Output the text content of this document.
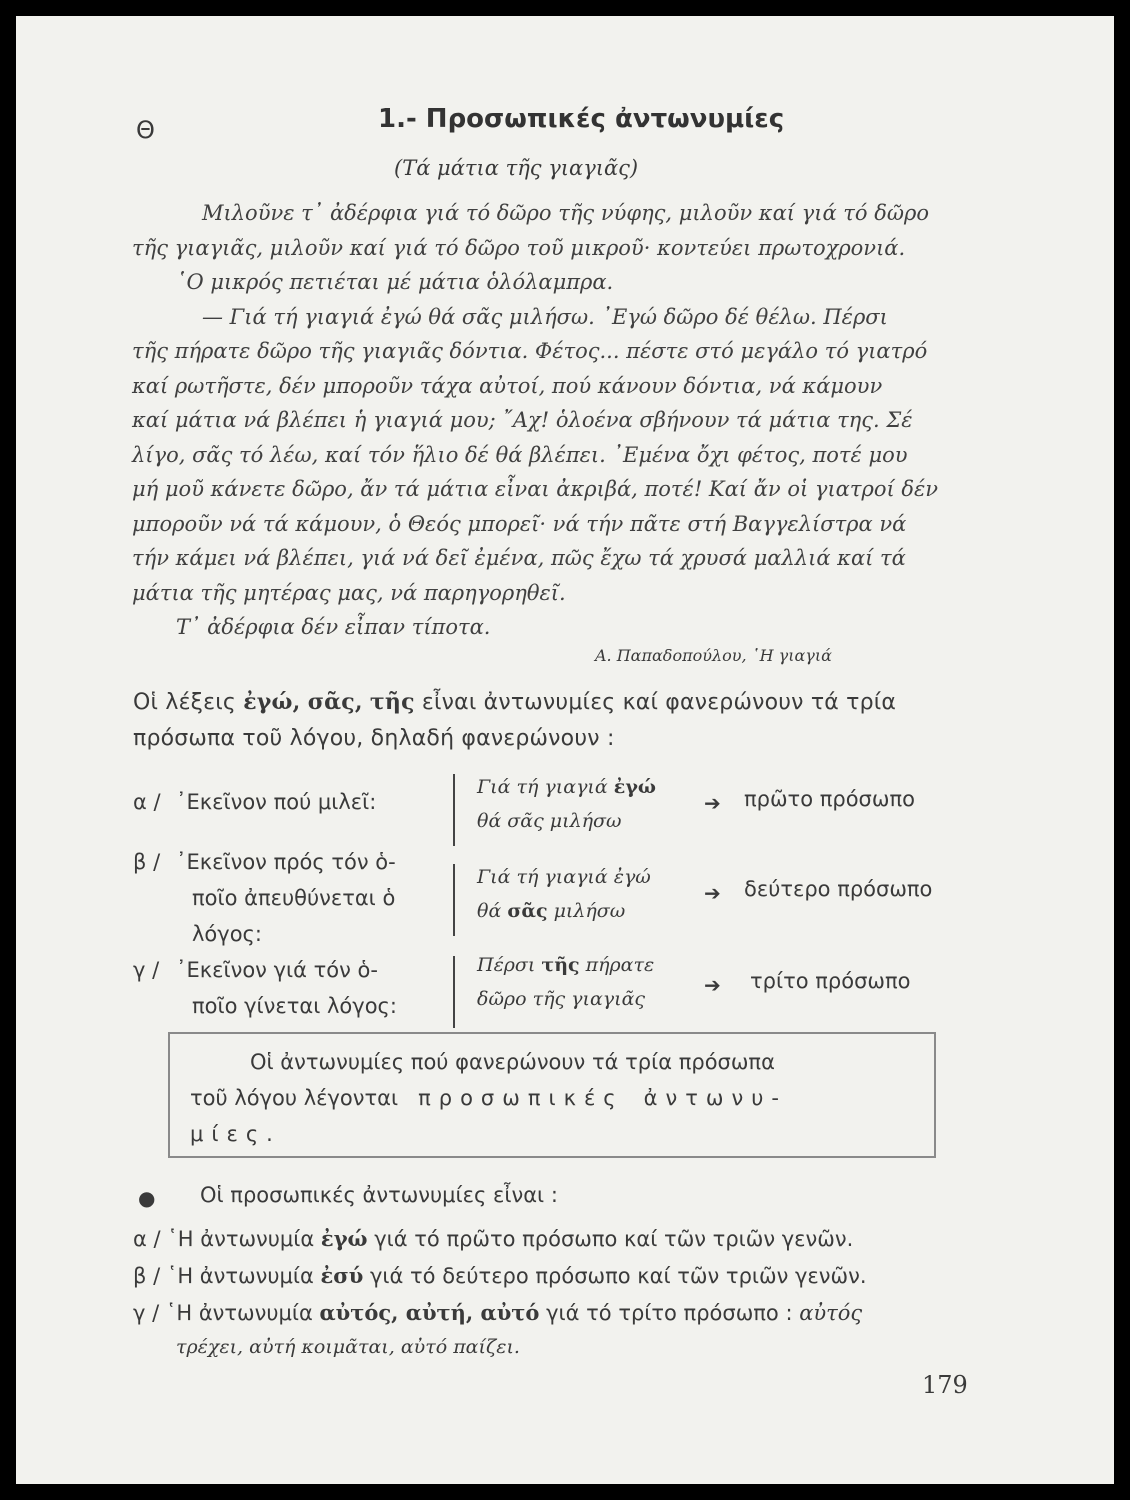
Θ	1.- Προσωπικές ἀντωνυμίες
(Τά μάτια τῆς γιαγιᾶς)

Μιλοῦνε τ᾽ ἀδέρφια γιά τό δῶρο τῆς νύφης, μιλοῦν καί γιά τό δῶρο

τῆς γιαγιᾶς, μιλοῦν καί γιά τό δῶρο τοῦ μικροῦ· κοντεύει πρωτοχρονιά.

῾Ο μικρός πετιέται μέ μάτια ὁλόλαμπρα.

— Γιά τή γιαγιά ἐγώ θά σᾶς μιλήσω. ᾿Εγώ δῶρο δέ θέλω. Πέρσι

τῆς πήρατε δῶρο τῆς γιαγιᾶς δόντια. Φέτος... πέστε στό μεγάλο τό γιατρό

καί ρωτῆστε, δέν μποροῦν τάχα αὐτοί, πού κάνουν δόντια, νά κάμουν

καί μάτια νά βλέπει ἡ γιαγιά μου; ῎Αχ! ὁλοένα σβήνουν τά μάτια της. Σέ

λίγο, σᾶς τό λέω, καί τόν ἥλιο δέ θά βλέπει. ᾿Εμένα ὄχι φέτος, ποτέ μου

μή μοῦ κάνετε δῶρο, ἄν τά μάτια εἶναι ἀκριβά, ποτέ! Καί ἄν οἱ γιατροί δέν

μποροῦν νά τά κάμουν, ὁ Θεός μπορεῖ· νά τήν πᾶτε στή Βαγγελίστρα νά

τήν κάμει νά βλέπει, γιά νά δεῖ ἐμένα, πῶς ἔχω τά χρυσά μαλλιά καί τά

μάτια τῆς μητέρας μας, νά παρηγορηθεῖ.

Τ᾽ ἀδέρφια δέν εἶπαν τίποτα.

Α. Παπαδοπούλου, ῾Η γιαγιά
Οἱ λέξεις ἐγώ, σᾶς, τῆς εἶναι ἀντωνυμίες καί φανερώνουν τά τρία
πρόσωπα τοῦ λόγου, δηλαδή φανερώνουν :
α / ᾿Εκεῖνον πού μιλεῖ:
Γιά τή γιαγιά ἐγώ
θά σᾶς μιλήσω
➔ πρῶτο πρόσωπο
β / ᾿Εκεῖνον πρός τόν ὁ-
ποῖο ἀπευθύνεται ὁ
λόγος:
Γιά τή γιαγιά ἐγώ
θά σᾶς μιλήσω
➔ δεύτερο πρόσωπο
γ / ᾿Εκεῖνον γιά τόν ὁ-
ποῖο γίνεται λόγος:
Πέρσι τῆς πήρατε
δῶρο τῆς γιαγιᾶς
➔ τρίτο πρόσωπο
Οἱ ἀντωνυμίες πού φανερώνουν τά τρία πρόσωπα
τοῦ λόγου λέγονται προσωπικές ἀντωνυ-
μίες.
● Οἱ προσωπικές ἀντωνυμίες εἶναι :
α / ῾Η ἀντωνυμία ἐγώ γιά τό πρῶτο πρόσωπο καί τῶν τριῶν γενῶν.
β / ῾Η ἀντωνυμία ἐσύ γιά τό δεύτερο πρόσωπο καί τῶν τριῶν γενῶν.
γ / ῾Η ἀντωνυμία αὐτός, αὐτή, αὐτό γιά τό τρίτο πρόσωπο : αὐτός
τρέχει, αὐτή κοιμᾶται, αὐτό παίζει.
179
